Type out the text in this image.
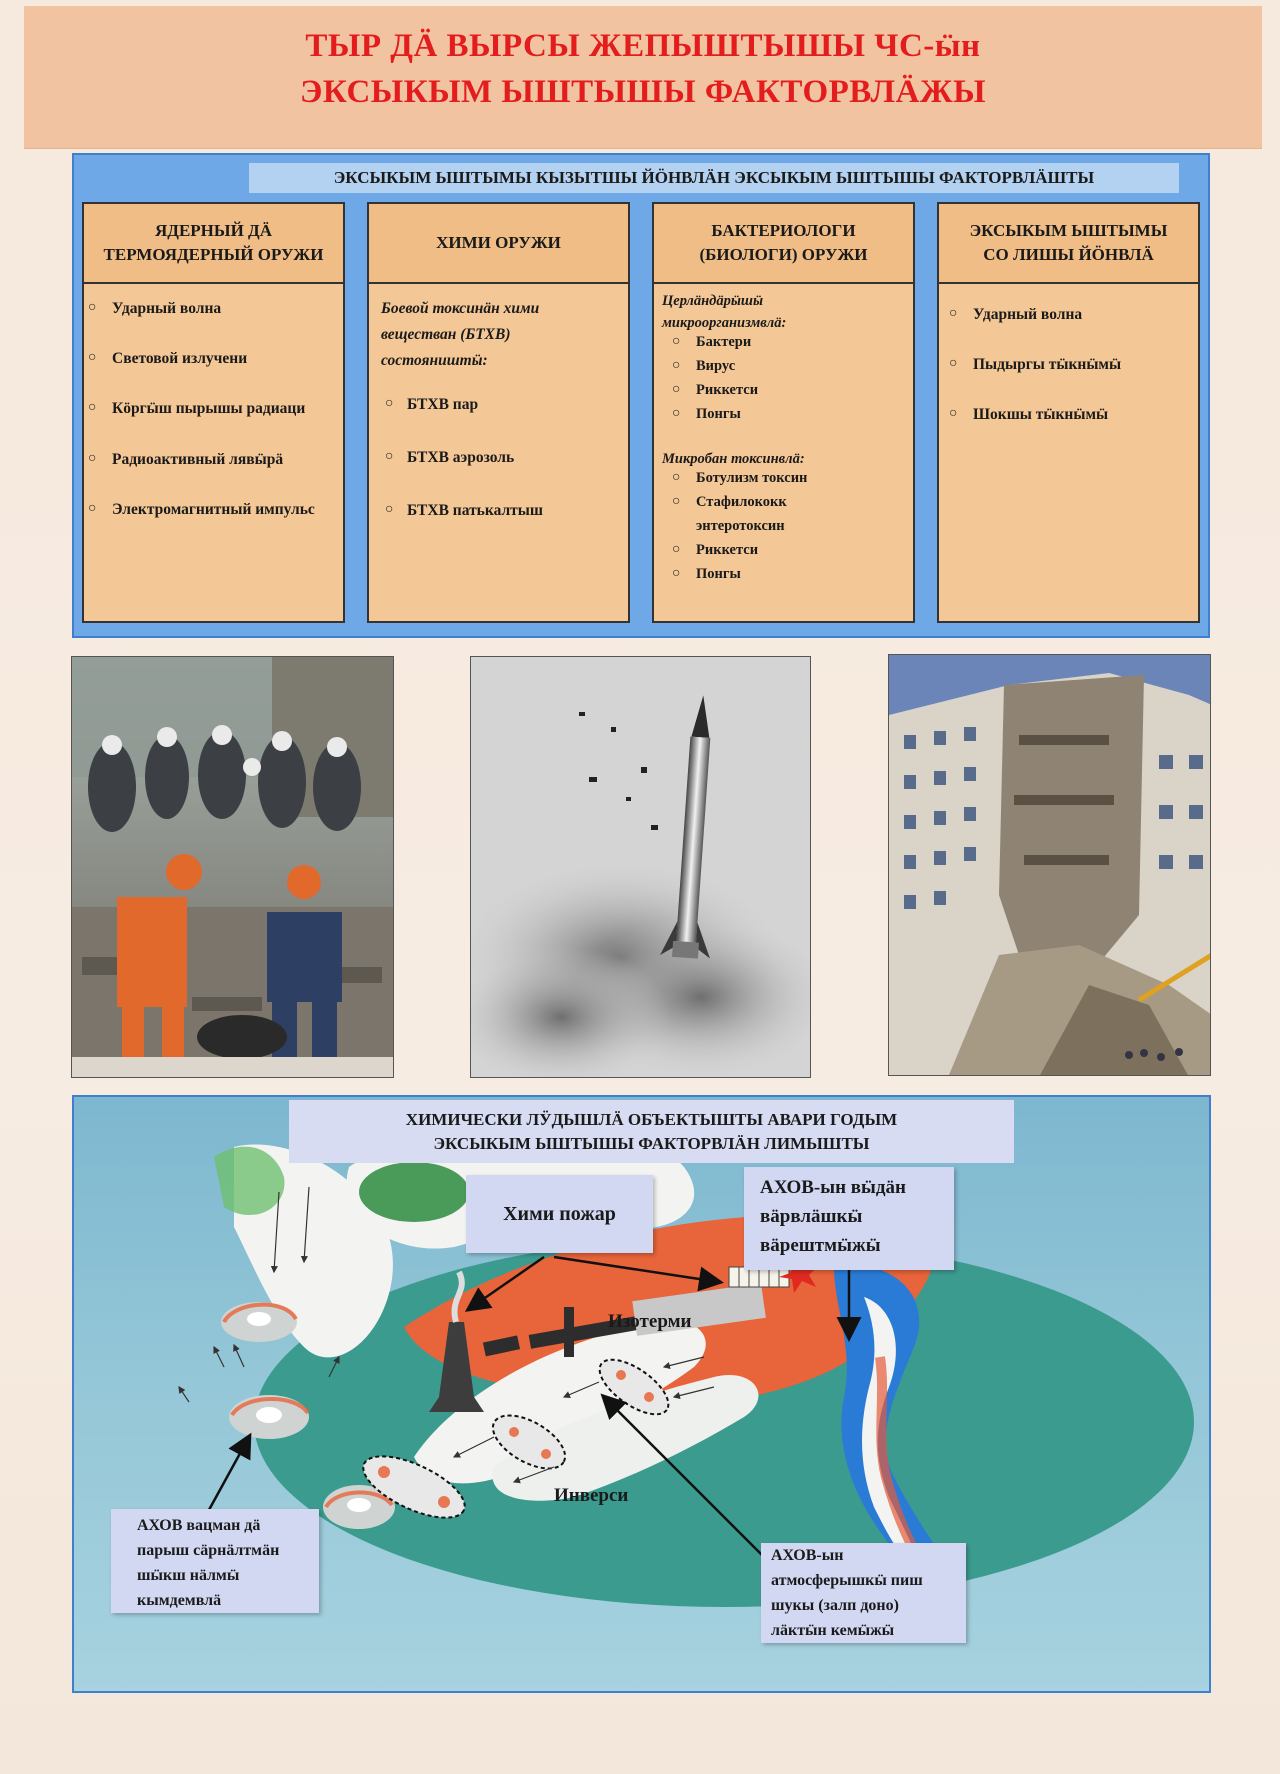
ТЫР ДӒ ВЫРСЫ ЖЕПЫШТЫШЫ ЧС-ӹн
ЭКСЫКЫМ ЫШТЫШЫ ФАКТОРВЛӒЖЫ
ЭКСЫКЫМ ЫШТЫМЫ КЫЗЫТШЫ ЙӦНВЛӒН ЭКСЫКЫМ ЫШТЫШЫ ФАКТОРВЛӒШТЫ
ЯДЕРНЫЙ ДӒ
ТЕРМОЯДЕРНЫЙ ОРУЖИ
○ Ударный волна
○ Световой излучени
○ Кӧргӹш пырышы радиаци
○ Радиоактивный лявӹрӓ
○ Электромагнитный импульс
ХИМИ ОРУЖИ
Боевой токсинӓн хими
веществан (БТХВ)
состояништӹ:
○ БТХВ пар
○ БТХВ аэрозоль
○ БТХВ патькалтыш
БАКТЕРИОЛОГИ
(БИОЛОГИ) ОРУЖИ
Церлӓндӓрӹшӹ
микроорганизмвлӓ:
○ Бактери
○ Вирус
○ Риккетси
○ Понгы
Микробан токсинвлӓ:
○ Ботулизм токсин
○ Стафилококк
энтеротоксин
○ Риккетси
○ Понгы
ЭКСЫКЫМ ЫШТЫМЫ
СО ЛИШЫ ЙӦНВЛӒ
○ Ударный волна
○ Пыдыргы тӹкнӹмӹ
○ Шокшы тӹкнӹмӹ
ХИМИЧЕСКИ ЛӰДЫШЛӒ ОБЪЕКТЫШТЫ АВАРИ ГОДЫМ
ЭКСЫКЫМ ЫШТЫШЫ ФАКТОРВЛӒН ЛИМЫШТЫ
Хими пожар
АХОВ-ын вӹдӓн
вӓрвлӓшкӹ
вӓрештмӹжӹ
Изотерми
Инверси
АХОВ вацман дӓ
парыш сӓрнӓлтмӓн
шӹкш нӓлмӹ
кымдемвлӓ
АХОВ-ын
атмосферышкӹ пиш
шукы (залп доно)
лӓктӹн кемӹжӹ
